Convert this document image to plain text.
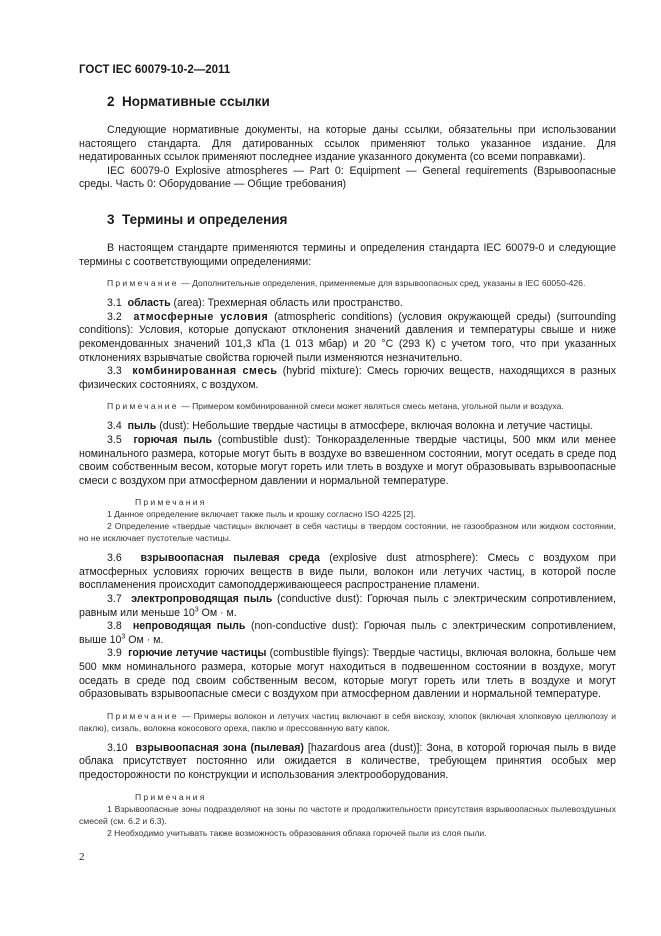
ГОСТ IEC 60079-10-2—2011
2 Нормативные ссылки

Следующие нормативные документы, на которые даны ссылки, обязательны при использовании настоящего стандарта. Для датированных ссылок применяют только указанное издание. Для недатированных ссылок применяют последнее издание указанного документа (со всеми поправками).

IEC 60079-0 Explosive atmospheres — Part 0: Equipment — General requirements (Взрывоопасные среды. Часть 0: Оборудование — Общие требования)

3 Термины и определения

В настоящем стандарте применяются термины и определения стандарта IEC 60079-0 и следующие термины с соответствующими определениями:

Примечание — Дополнительные определения, применяемые для взрывоопасных сред, указаны в IEC 60050-426.

3.1 область (area): Трехмерная область или пространство.

3.2 атмосферные условия (atmospheric conditions) (условия окружающей среды) (surrounding conditions): Условия, которые допускают отклонения значений давления и температуры свыше и ниже рекомендованных значений 101,3 кПа (1 013 мбар) и 20 °С (293 К) с учетом того, что при указанных отклонениях взрывчатые свойства горючей пыли изменяются незначительно.

3.3 комбинированная смесь (hybrid mixture): Смесь горючих веществ, находящихся в разных физических состояниях, с воздухом.

Примечание — Примером комбинированной смеси может являться смесь метана, угольной пыли и воздуха.

3.4 пыль (dust): Небольшие твердые частицы в атмосфере, включая волокна и летучие частицы.

3.5 горючая пыль (combustible dust): Тонкоразделенные твердые частицы, 500 мкм или менее номинального размера, которые могут быть в воздухе во взвешенном состоянии, могут оседать в среде под своим собственным весом, которые могут гореть или тлеть в воздухе и могут образовывать взрывоопасные смеси с воздухом при атмосферном давлении и нормальной температуре.

Примечания

1 Данное определение включает также пыль и крошку согласно ISO 4225 [2].

2 Определение «твердые частицы» включает в себя частицы в твердом состоянии, не газообразном или жидком состоянии, но не исключает пустотелые частицы.

3.6 взрывоопасная пылевая среда (explosive dust atmosphere): Смесь с воздухом при атмосферных условиях горючих веществ в виде пыли, волокон или летучих частиц, в которой после воспламенения происходит самоподдерживающееся распространение пламени.

3.7 электропроводящая пыль (conductive dust): Горючая пыль с электрическим сопротивлением, равным или меньше $10^3$ Ом · м.

3.8 непроводящая пыль (non-conductive dust): Горючая пыль с электрическим сопротивлением, выше $10^3$ Ом · м.

3.9 горючие летучие частицы (combustible flyings): Твердые частицы, включая волокна, больше чем 500 мкм номинального размера, которые могут находиться в подвешенном состоянии в воздухе, могут оседать в среде под своим собственным весом, которые могут гореть или тлеть в воздухе и могут образовывать взрывоопасные смеси с воздухом при атмосферном давлении и нормальной температуре.

Примечание — Примеры волокон и летучих частиц включают в себя вискозу, хлопок (включая хлопковую целлюлозу и паклю), сизаль, волокна кокосового ореха, паклю и прессованную вату капок.

3.10 взрывоопасная зона (пылевая) [hazardous area (dust)]: Зона, в которой горючая пыль в виде облака присутствует постоянно или ожидается в количестве, требующем принятия особых мер предосторожности по конструкции и использования электрооборудования.

Примечания

1 Взрывоопасные зоны подразделяют на зоны по частоте и продолжительности присутствия взрывоопасных пылевоздушных смесей (см. 6.2 и 6.3).

2 Необходимо учитывать также возможность образования облака горючей пыли из слоя пыли.

2
